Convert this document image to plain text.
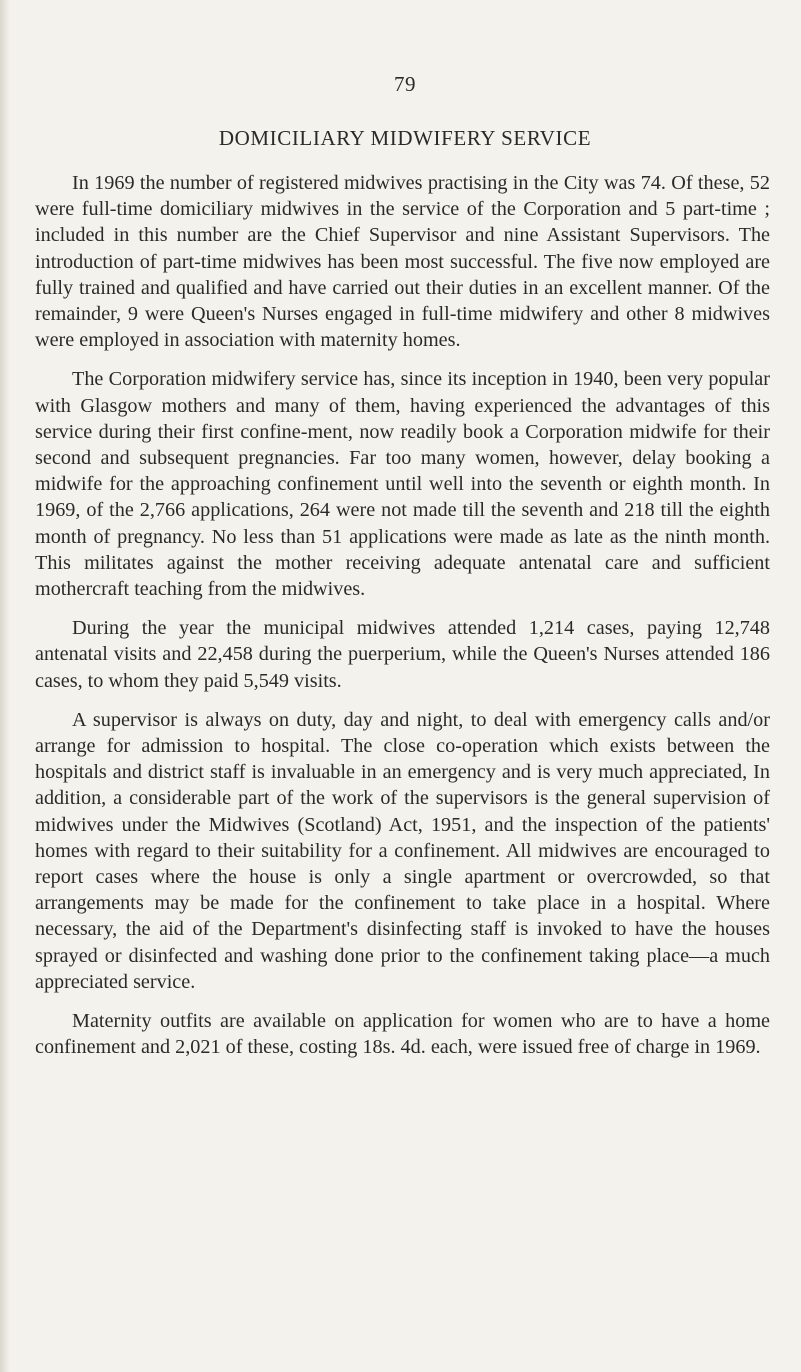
79
DOMICILIARY MIDWIFERY SERVICE

In 1969 the number of registered midwives practising in the City was 74. Of these, 52 were full-time domiciliary midwives in the service of the Corporation and 5 part-time ; included in this number are the Chief Supervisor and nine Assistant Supervisors. The introduction of part-time midwives has been most successful. The five now employed are fully trained and qualified and have carried out their duties in an excellent manner. Of the remainder, 9 were Queen's Nurses engaged in full-time midwifery and other 8 midwives were employed in association with maternity homes.

The Corporation midwifery service has, since its inception in 1940, been very popular with Glasgow mothers and many of them, having experienced the advantages of this service during their first confine-ment, now readily book a Corporation midwife for their second and subsequent pregnancies. Far too many women, however, delay booking a midwife for the approaching confinement until well into the seventh or eighth month. In 1969, of the 2,766 applications, 264 were not made till the seventh and 218 till the eighth month of pregnancy. No less than 51 applications were made as late as the ninth month. This militates against the mother receiving adequate antenatal care and sufficient mothercraft teaching from the midwives.

During the year the municipal midwives attended 1,214 cases, paying 12,748 antenatal visits and 22,458 during the puerperium, while the Queen's Nurses attended 186 cases, to whom they paid 5,549 visits.

A supervisor is always on duty, day and night, to deal with emergency calls and/or arrange for admission to hospital. The close co-operation which exists between the hospitals and district staff is invaluable in an emergency and is very much appreciated, In addition, a considerable part of the work of the supervisors is the general supervision of midwives under the Midwives (Scotland) Act, 1951, and the inspection of the patients' homes with regard to their suitability for a confinement. All midwives are encouraged to report cases where the house is only a single apartment or overcrowded, so that arrangements may be made for the confinement to take place in a hospital. Where necessary, the aid of the Department's disinfecting staff is invoked to have the houses sprayed or disinfected and washing done prior to the confinement taking place—a much appreciated service.

Maternity outfits are available on application for women who are to have a home confinement and 2,021 of these, costing 18s. 4d. each, were issued free of charge in 1969.
